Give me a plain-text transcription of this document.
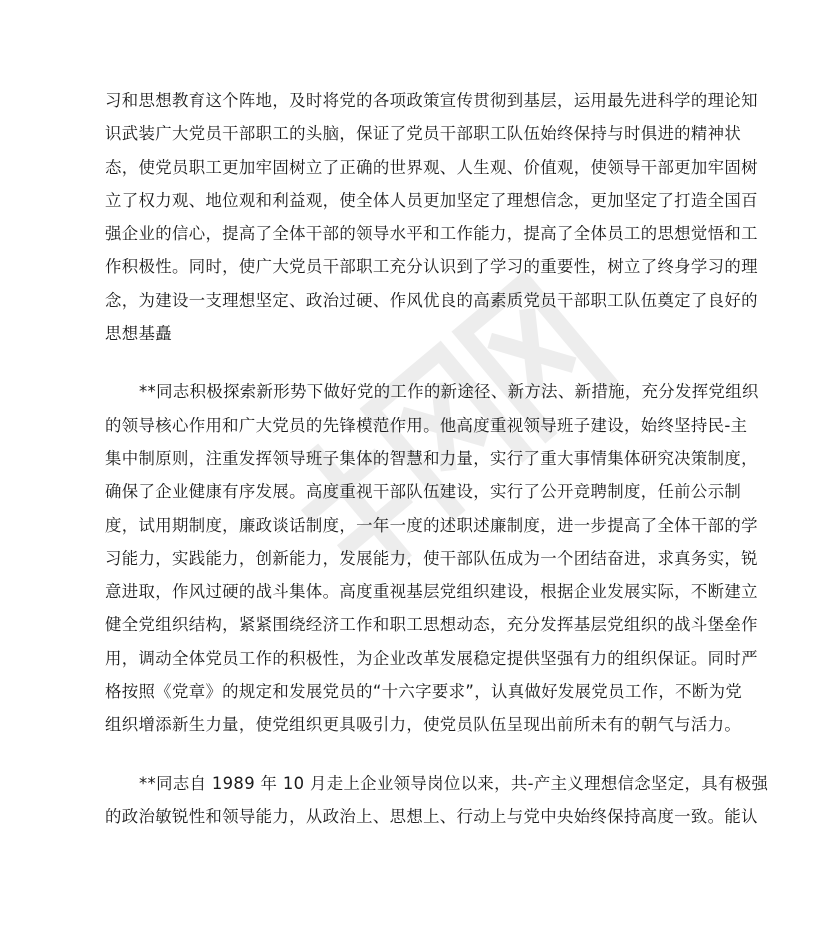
习和思想教育这个阵地，及时将党的各项政策宣传贯彻到基层，运用最先进科学的理论知
识武装广大党员干部职工的头脑，保证了党员干部职工队伍始终保持与时俱进的精神状
态，使党员职工更加牢固树立了正确的世界观、人生观、价值观，使领导干部更加牢固树
立了权力观、地位观和利益观，使全体人员更加坚定了理想信念，更加坚定了打造全国百
强企业的信心，提高了全体干部的领导水平和工作能力，提高了全体员工的思想觉悟和工
作积极性。同时，使广大党员干部职工充分认识到了学习的重要性，树立了终身学习的理
念，为建设一支理想坚定、政治过硬、作风优良的高素质党员干部职工队伍奠定了良好的
思想基矗
**同志积极探索新形势下做好党的工作的新途径、新方法、新措施，充分发挥党组织
的领导核心作用和广大党员的先锋模范作用。他高度重视领导班子建设，始终坚持民-主
集中制原则，注重发挥领导班子集体的智慧和力量，实行了重大事情集体研究决策制度，
确保了企业健康有序发展。高度重视干部队伍建设，实行了公开竞聘制度，任前公示制
度，试用期制度，廉政谈话制度，一年一度的述职述廉制度，进一步提高了全体干部的学
习能力，实践能力，创新能力，发展能力，使干部队伍成为一个团结奋进，求真务实，锐
意进取，作风过硬的战斗集体。高度重视基层党组织建设，根据企业发展实际，不断建立
健全党组织结构，紧紧围绕经济工作和职工思想动态，充分发挥基层党组织的战斗堡垒作
用，调动全体党员工作的积极性，为企业改革发展稳定提供坚强有力的组织保证。同时严
格按照《党章》的规定和发展党员的“十六字要求”，认真做好发展党员工作，不断为党
组织增添新生力量，使党组织更具吸引力，使党员队伍呈现出前所未有的朝气与活力。
**同志自 1989 年 10 月走上企业领导岗位以来，共-产主义理想信念坚定，具有极强
的政治敏锐性和领导能力，从政治上、思想上、行动上与党中央始终保持高度一致。能认
